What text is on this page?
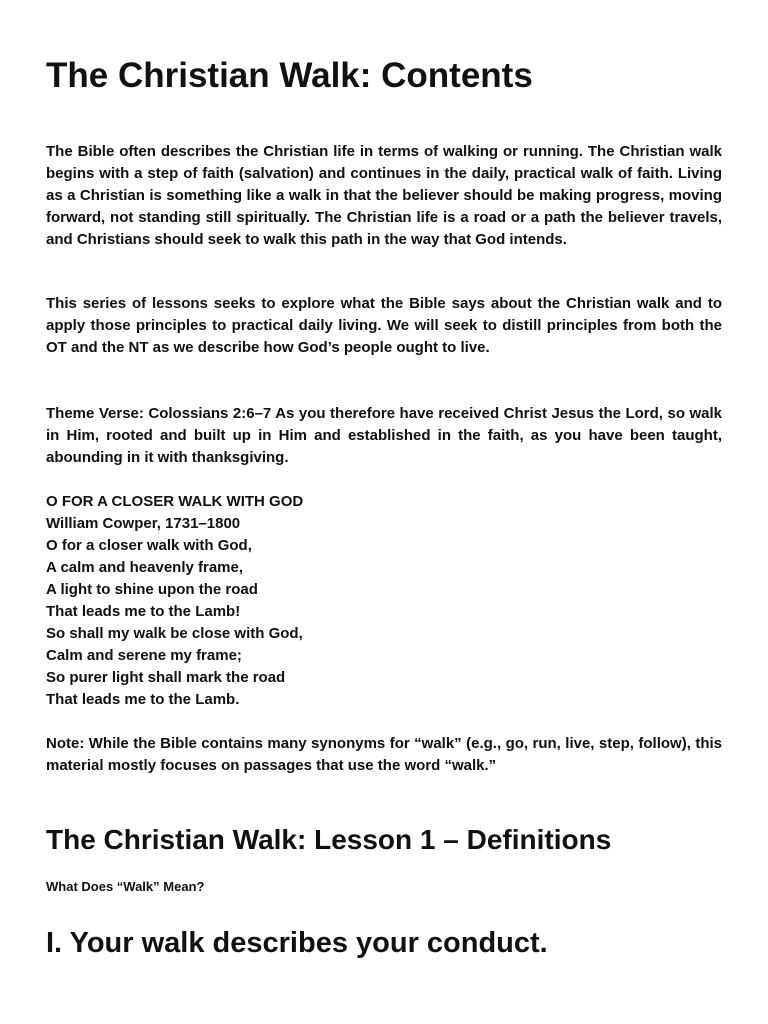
The Christian Walk: Contents

The Bible often describes the Christian life in terms of walking or running. The Christian walk begins with a step of faith (salvation) and continues in the daily, practical walk of faith. Living as a Christian is something like a walk in that the believer should be making progress, moving forward, not standing still spiritually. The Christian life is a road or a path the believer travels, and Christians should seek to walk this path in the way that God intends.

This series of lessons seeks to explore what the Bible says about the Christian walk and to apply those principles to practical daily living. We will seek to distill principles from both the OT and the NT as we describe how God’s people ought to live.

Theme Verse: Colossians 2:6–7 As you therefore have received Christ Jesus the Lord, so walk in Him, rooted and built up in Him and established in the faith, as you have been taught, abounding in it with thanksgiving.

O FOR A CLOSER WALK WITH GOD
William Cowper, 1731–1800
O for a closer walk with God,
A calm and heavenly frame,
A light to shine upon the road
That leads me to the Lamb!
So shall my walk be close with God,
Calm and serene my frame;
So purer light shall mark the road
That leads me to the Lamb.

Note: While the Bible contains many synonyms for “walk” (e.g., go, run, live, step, follow), this material mostly focuses on passages that use the word “walk.”

The Christian Walk: Lesson 1 – Definitions

What Does “Walk” Mean?

I. Your walk describes your conduct.
